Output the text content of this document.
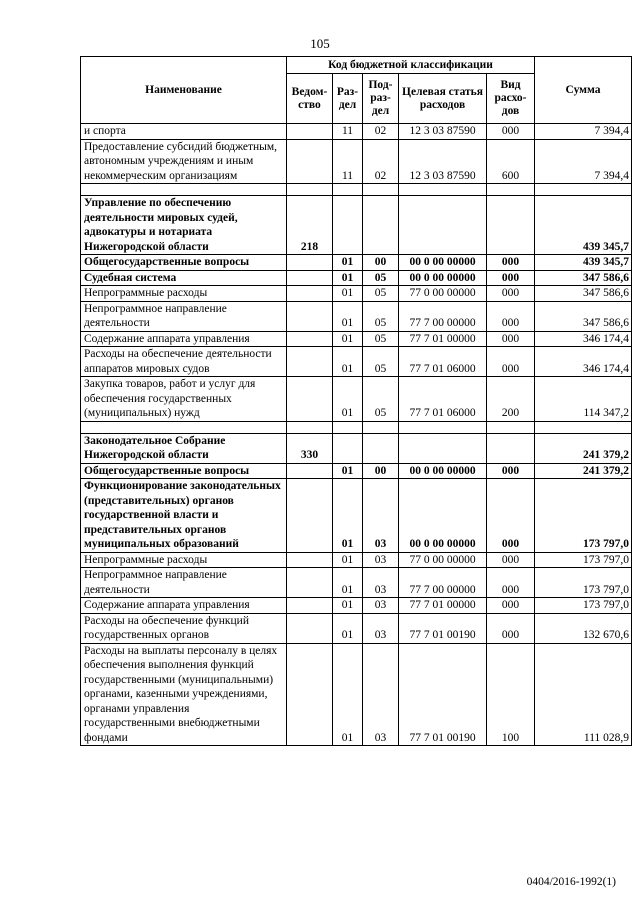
105
Наименование	Код бюджетной классификации					Сумма
	Ведом-ство	Раз-дел	Под-раз-дел	Целевая статья расходов	Вид расхо-дов	
и спорта		11	02	12 3 03 87590	000	7 394,4
Предоставление субсидий бюджетным, автономным учреждениям и иным некоммерческим организациям		11	02	12 3 03 87590	600	7 394,4

Управление по обеспечению деятельности мировых судей, адвокатуры и нотариата Нижегородской области	218					439 345,7
Общегосударственные вопросы		01	00	00 0 00 00000	000	439 345,7
Судебная система		01	05	00 0 00 00000	000	347 586,6
Непрограммные расходы		01	05	77 0 00 00000	000	347 586,6
Непрограммное направление деятельности		01	05	77 7 00 00000	000	347 586,6
Содержание аппарата управления		01	05	77 7 01 00000	000	346 174,4
Расходы на обеспечение деятельности аппаратов мировых судов		01	05	77 7 01 06000	000	346 174,4
Закупка товаров, работ и услуг для обеспечения государственных (муниципальных) нужд		01	05	77 7 01 06000	200	114 347,2

Законодательное Собрание Нижегородской области	330					241 379,2
Общегосударственные вопросы		01	00	00 0 00 00000	000	241 379,2
Функционирование законодательных (представительных) органов государственной власти и представительных органов муниципальных образований		01	03	00 0 00 00000	000	173 797,0
Непрограммные расходы		01	03	77 0 00 00000	000	173 797,0
Непрограммное направление деятельности		01	03	77 7 00 00000	000	173 797,0
Содержание аппарата управления		01	03	77 7 01 00000	000	173 797,0
Расходы на обеспечение функций государственных органов		01	03	77 7 01 00190	000	132 670,6
Расходы на выплаты персоналу в целях обеспечения выполнения функций государственными (муниципальными) органами, казенными учреждениями, органами управления государственными внебюджетными фондами		01	03	77 7 01 00190	100	111 028,9
0404/2016-1992(1)
